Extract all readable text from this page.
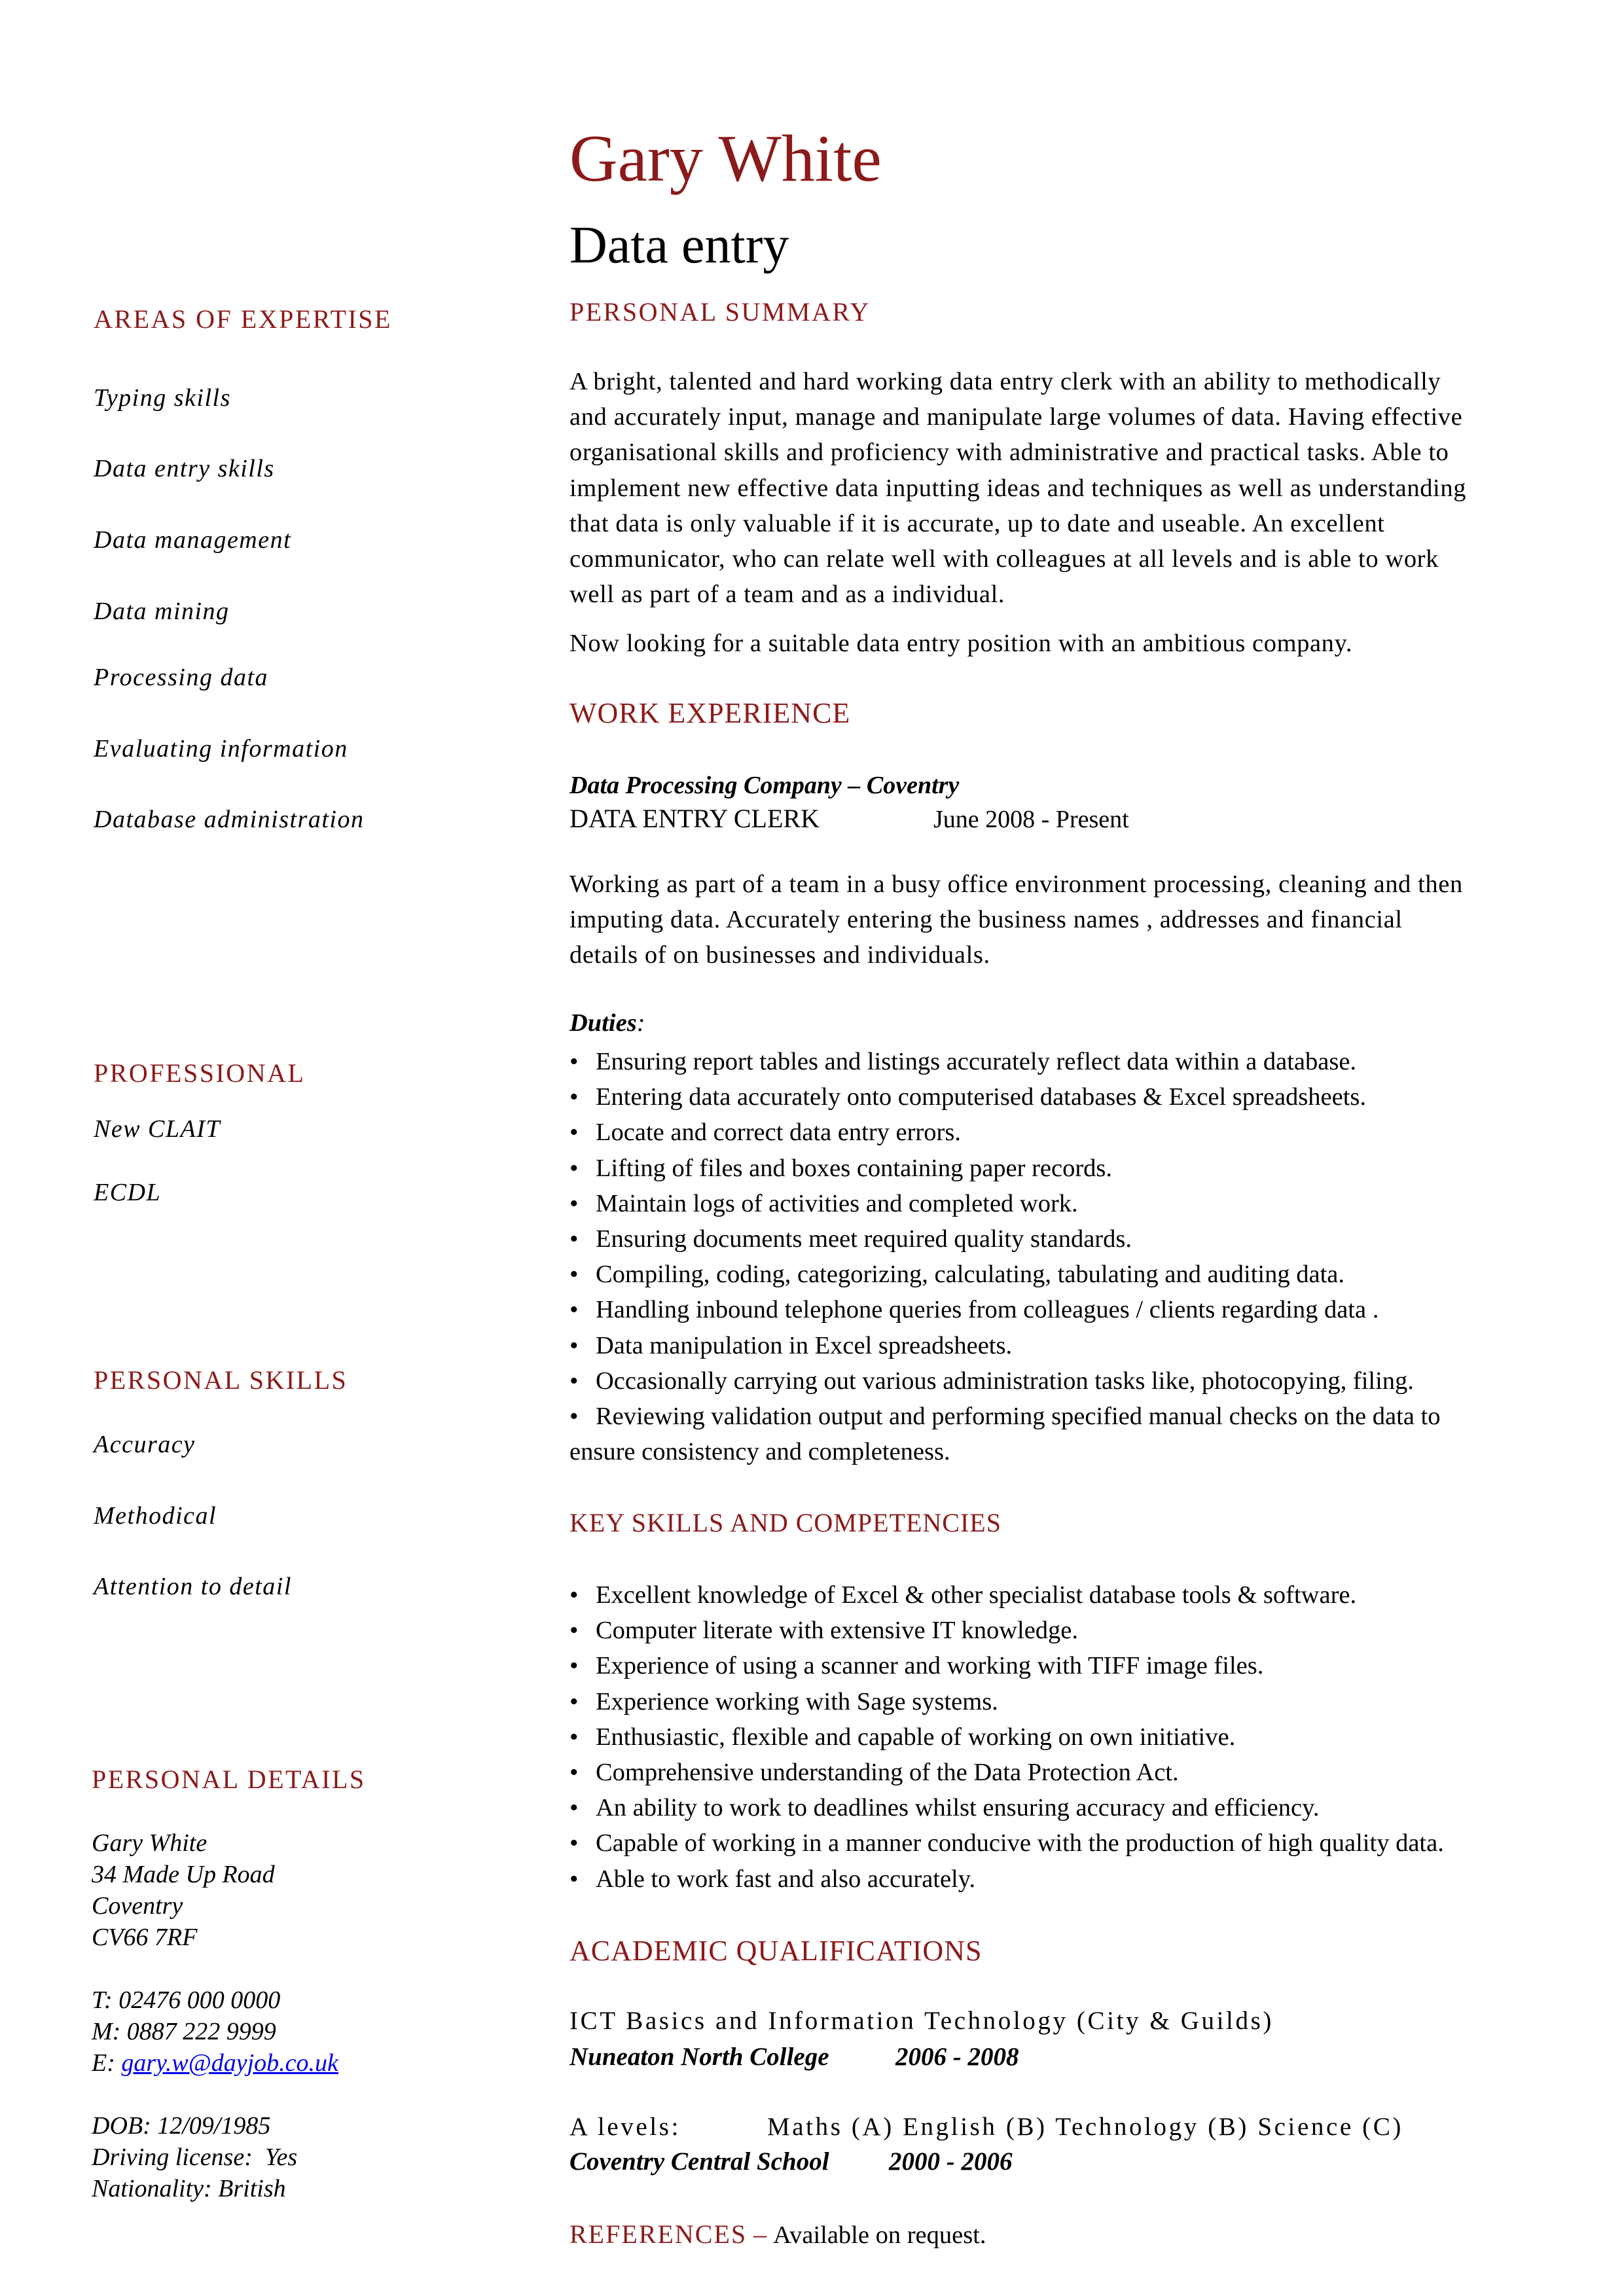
Gary White
Data entry
AREAS OF EXPERTISE
Typing skills
Data entry skills
Data management
Data mining
Processing data
Evaluating information
Database administration
PROFESSIONAL
New CLAIT
ECDL
PERSONAL SKILLS
Accuracy
Methodical
Attention to detail
PERSONAL DETAILS
Gary White
34 Made Up Road
Coventry
CV66 7RF
T: 02476 000 0000
M: 0887 222 9999
E: gary.w@dayjob.co.uk
DOB: 12/09/1985
Driving license:  Yes
Nationality: British
PERSONAL SUMMARY
A bright, talented and hard working data entry clerk with an ability to methodically
and accurately input, manage and manipulate large volumes of data. Having effective
organisational skills and proficiency with administrative and practical tasks. Able to
implement new effective data inputting ideas and techniques as well as understanding
that data is only valuable if it is accurate, up to date and useable. An excellent
communicator, who can relate well with colleagues at all levels and is able to work
well as part of a team and as a individual.
Now looking for a suitable data entry position with an ambitious company.
WORK EXPERIENCE
Data Processing Company – Coventry
DATA ENTRY CLERK	June 2008 - Present
Working as part of a team in a busy office environment processing, cleaning and then
imputing data. Accurately entering the business names , addresses and financial
details of on businesses and individuals.
Duties:
• Ensuring report tables and listings accurately reflect data within a database.
• Entering data accurately onto computerised databases & Excel spreadsheets.
• Locate and correct data entry errors.
• Lifting of files and boxes containing paper records.
• Maintain logs of activities and completed work.
• Ensuring documents meet required quality standards.
• Compiling, coding, categorizing, calculating, tabulating and auditing data.
• Handling inbound telephone queries from colleagues / clients regarding data .
• Data manipulation in Excel spreadsheets.
• Occasionally carrying out various administration tasks like, photocopying, filing.
• Reviewing validation output and performing specified manual checks on the data to
ensure consistency and completeness.
KEY SKILLS AND COMPETENCIES
• Excellent knowledge of Excel & other specialist database tools & software.
• Computer literate with extensive IT knowledge.
• Experience of using a scanner and working with TIFF image files.
• Experience working with Sage systems.
• Enthusiastic, flexible and capable of working on own initiative.
• Comprehensive understanding of the Data Protection Act.
• An ability to work to deadlines whilst ensuring accuracy and efficiency.
• Capable of working in a manner conducive with the production of high quality data.
• Able to work fast and also accurately.
ACADEMIC QUALIFICATIONS
ICT Basics and Information Technology (City & Guilds)
Nuneaton North College	2006 - 2008
A levels:	Maths (A) English (B) Technology (B) Science (C)
Coventry Central School 2000 - 2006
REFERENCES – Available on request.
